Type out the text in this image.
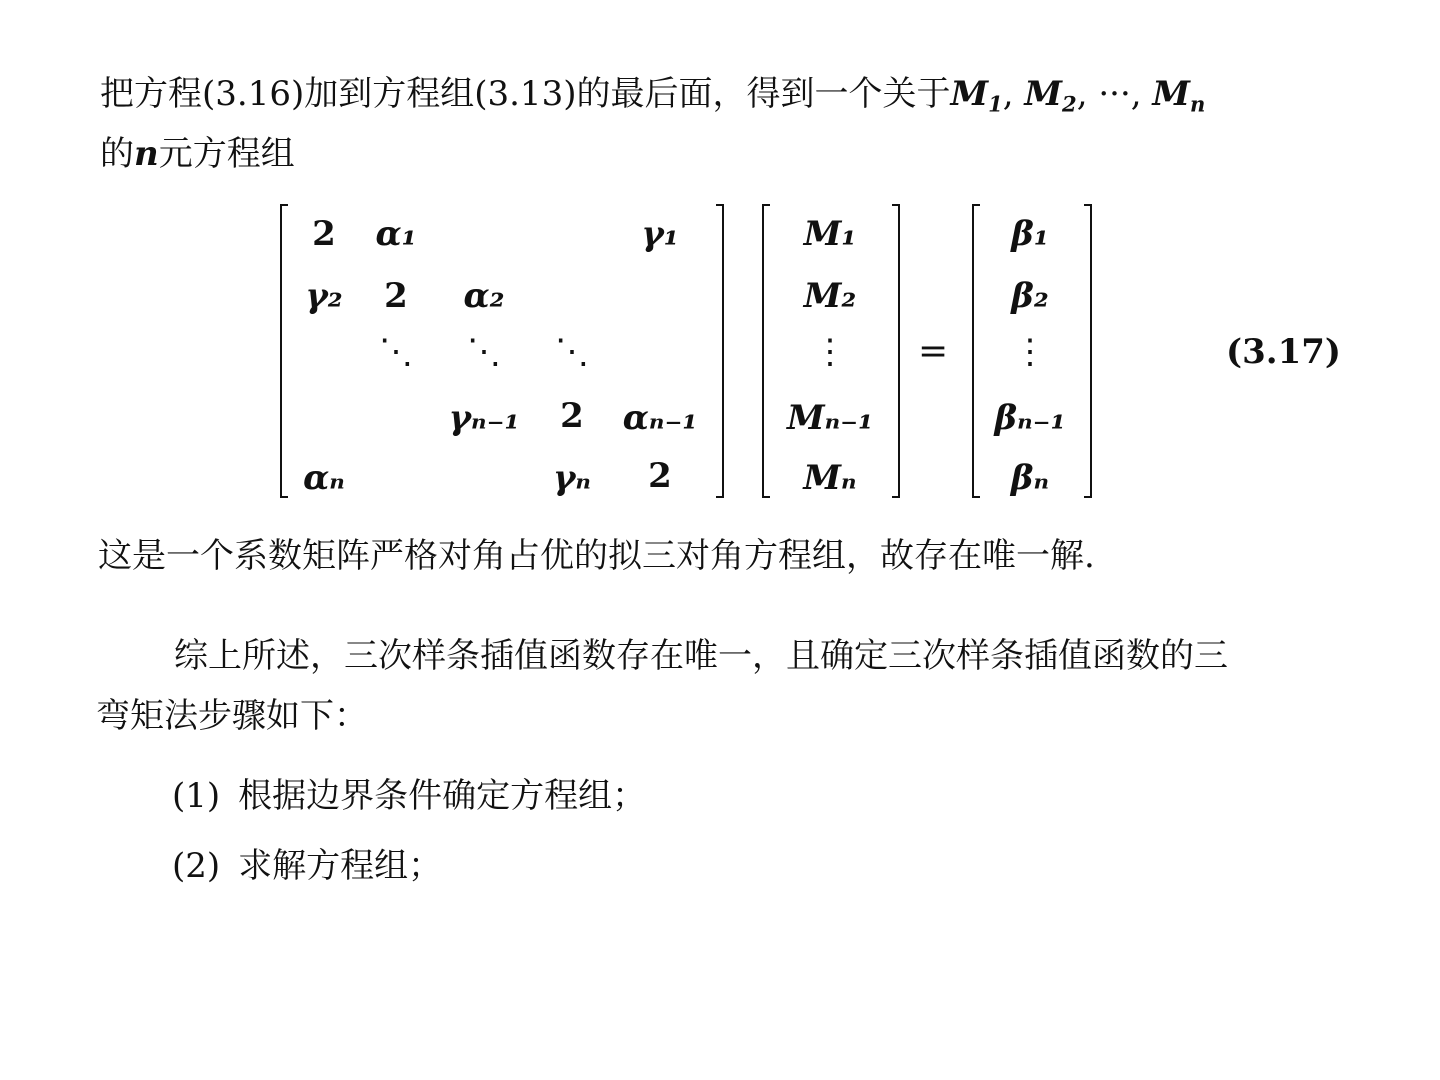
把方程(3.16)加到方程组(3.13)的最后面，得到一个关于$M_1$, $M_2$, ···, $M_n$
的n元方程组
2 α₁	γ₁
γ₂ 2 α₂
⋱ ⋱ ⋱
γₙ₋₁ 2 αₙ₋₁
αₙ	γₙ 2
M₁
M₂
⋮
Mₙ₋₁
Mₙ
=
β₁
β₂
⋮
βₙ₋₁
βₙ
(3.17)
这是一个系数矩阵严格对角占优的拟三对角方程组，故存在唯一解.
综上所述，三次样条插值函数存在唯一，且确定三次样条插值函数的三
弯矩法步骤如下：
(1) 根据边界条件确定方程组；
(2) 求解方程组；
